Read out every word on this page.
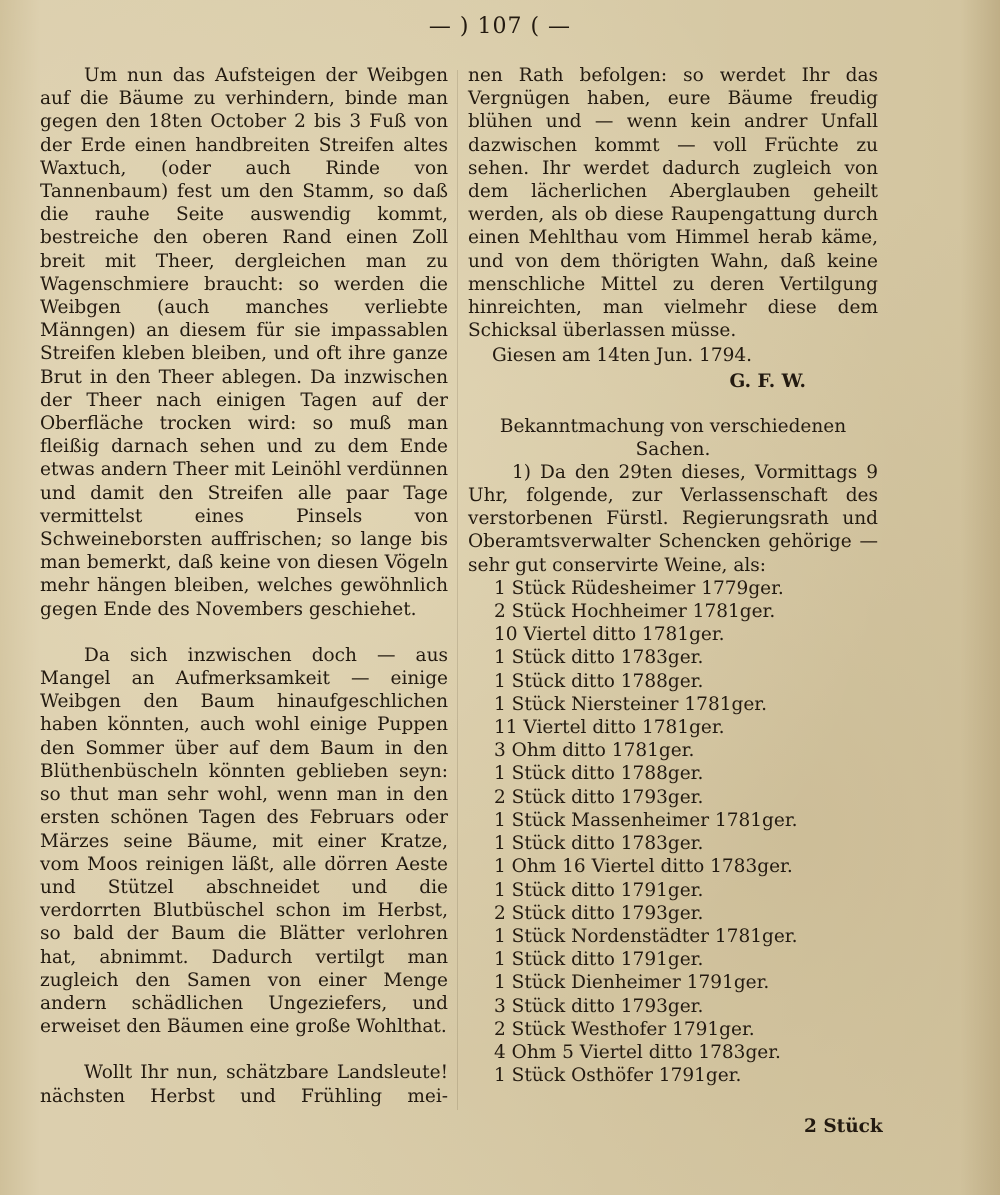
— ) 107 ( —

Um nun das Aufsteigen der Weibgen auf die Bäume zu verhindern, binde man gegen den 18ten October 2 bis 3 Fuß von der Erde einen handbreiten Streifen altes Waxtuch, (oder auch Rinde von Tannenbaum) fest um den Stamm, so daß die rauhe Seite auswendig kommt, bestreiche den oberen Rand einen Zoll breit mit Theer, dergleichen man zu Wagenschmiere braucht: so werden die Weibgen (auch manches verliebte Männgen) an diesem für sie impassablen Streifen kleben bleiben, und oft ihre ganze Brut in den Theer ablegen. Da inzwischen der Theer nach einigen Tagen auf der Oberfläche trocken wird: so muß man fleißig darnach sehen und zu dem Ende etwas andern Theer mit Leinöhl verdünnen und damit den Streifen alle paar Tage vermittelst eines Pinsels von Schweineborsten auffrischen; so lange bis man bemerkt, daß keine von diesen Vögeln mehr hängen bleiben, welches gewöhnlich gegen Ende des Novembers geschiehet.

Da sich inzwischen doch — aus Mangel an Aufmerksamkeit — einige Weibgen den Baum hinaufgeschlichen haben könnten, auch wohl einige Puppen den Sommer über auf dem Baum in den Blüthenbüscheln könnten geblieben seyn: so thut man sehr wohl, wenn man in den ersten schönen Tagen des Februars oder Märzes seine Bäume, mit einer Kratze, vom Moos reinigen läßt, alle dörren Aeste und Stützel abschneidet und die verdorrten Blutbüschel schon im Herbst, so bald der Baum die Blätter verlohren hat, abnimmt. Dadurch vertilgt man zugleich den Samen von einer Menge andern schädlichen Ungeziefers, und erweiset den Bäumen eine große Wohlthat.

Wollt Ihr nun, schätzbare Landsleute! nächsten Herbst und Frühling mei-

nen Rath befolgen: so werdet Ihr das Vergnügen haben, eure Bäume freudig blühen und — wenn kein andrer Unfall dazwischen kommt — voll Früchte zu sehen. Ihr werdet dadurch zugleich von dem lächerlichen Aberglauben geheilt werden, als ob diese Raupengattung durch einen Mehlthau vom Himmel herab käme, und von dem thörigten Wahn, daß keine menschliche Mittel zu deren Vertilgung hinreichten, man vielmehr diese dem Schicksal überlassen müsse.

Giesen am 14ten Jun. 1794.
G. F. W.
Bekanntmachung von verschiedenen
Sachen.

1) Da den 29ten dieses, Vormittags 9 Uhr, folgende, zur Verlassenschaft des verstorbenen Fürstl. Regierungsrath und Oberamtsverwalter Schencken gehörige — sehr gut conservirte Weine, als:

1 Stück Rüdesheimer 1779ger.
2 Stück Hochheimer 1781ger.
10 Viertel ditto 1781ger.
1 Stück ditto 1783ger.
1 Stück ditto 1788ger.
1 Stück Niersteiner 1781ger.
11 Viertel ditto 1781ger.
3 Ohm ditto 1781ger.
1 Stück ditto 1788ger.
2 Stück ditto 1793ger.
1 Stück Massenheimer 1781ger.
1 Stück ditto 1783ger.
1 Ohm 16 Viertel ditto 1783ger.
1 Stück ditto 1791ger.
2 Stück ditto 1793ger.
1 Stück Nordenstädter 1781ger.
1 Stück ditto 1791ger.
1 Stück Dienheimer 1791ger.
3 Stück ditto 1793ger.
2 Stück Westhofer 1791ger.
4 Ohm 5 Viertel ditto 1783ger.
1 Stück Osthöfer 1791ger.
2 Stück
